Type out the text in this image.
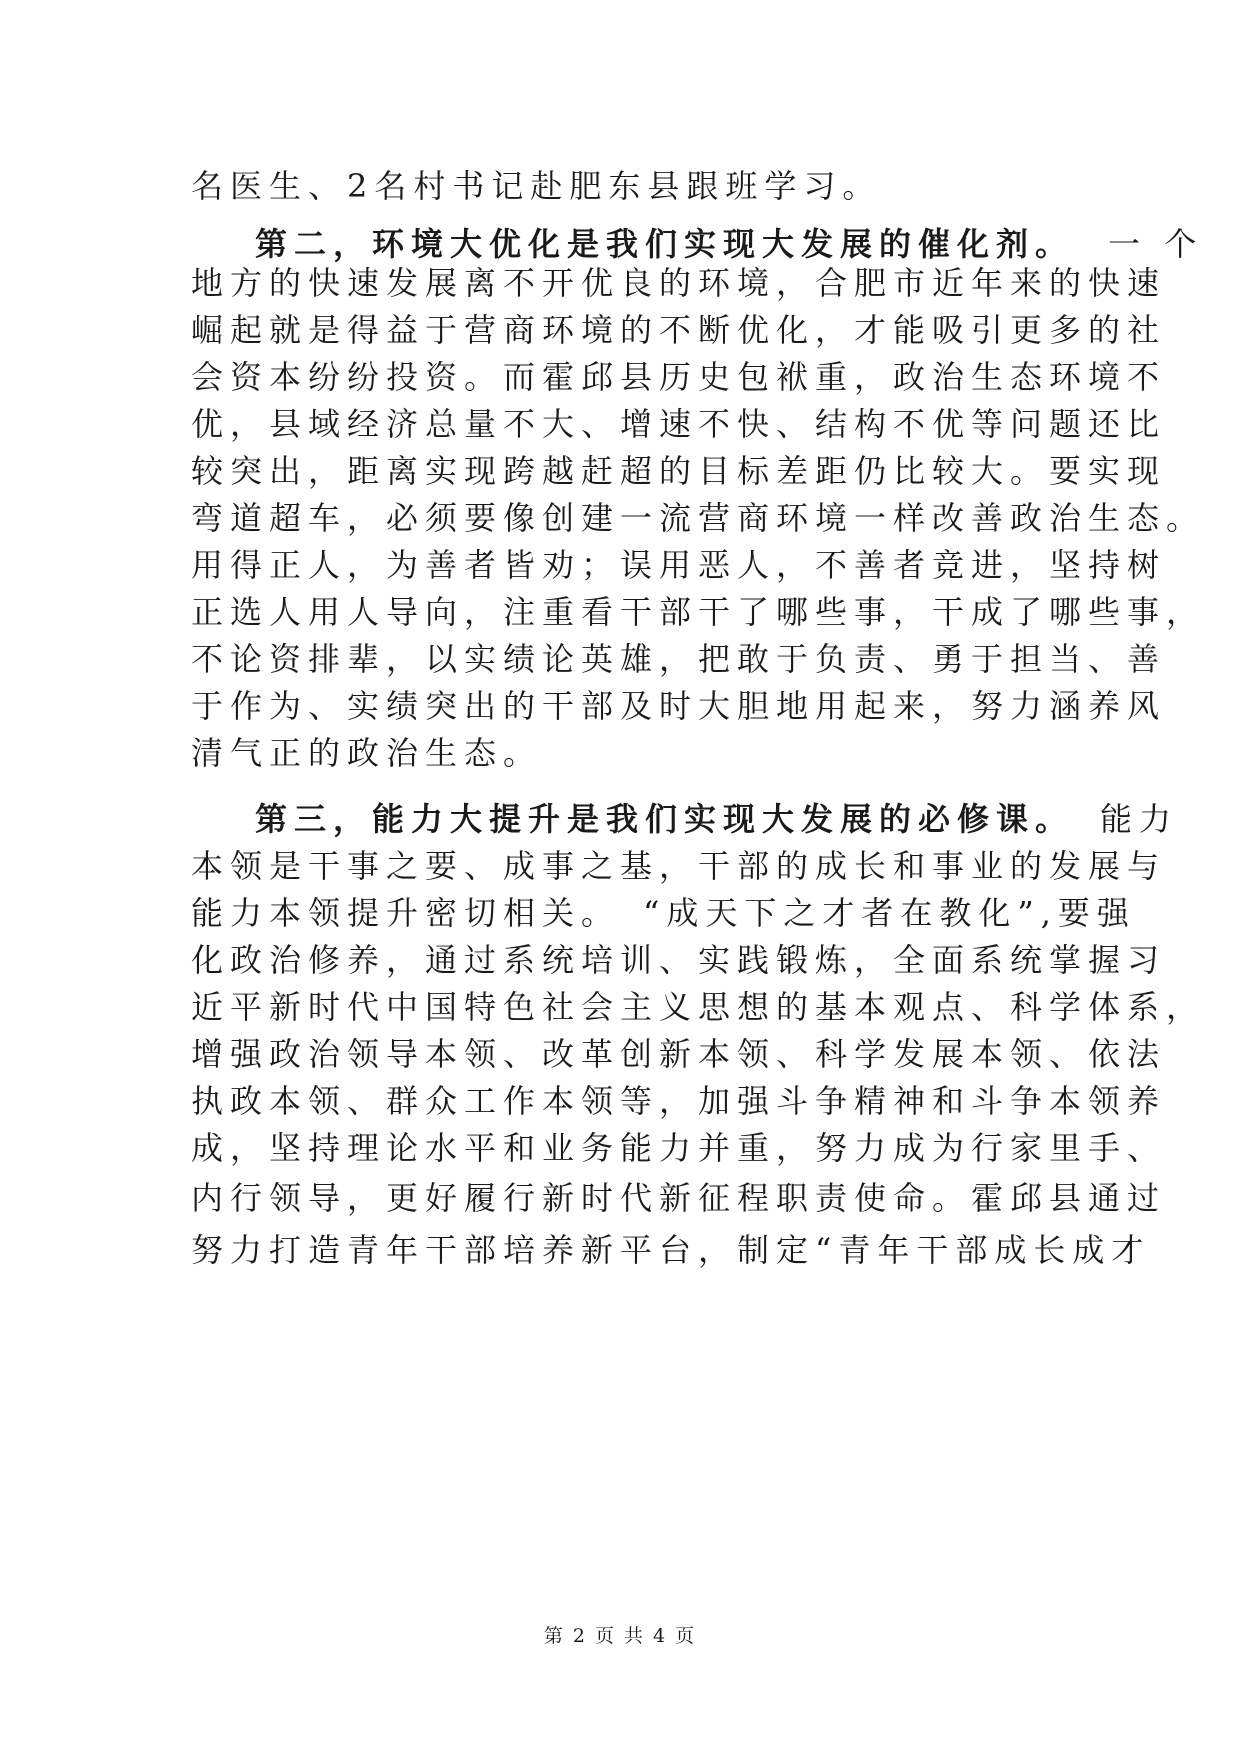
名医生、2名村书记赴肥东县跟班学习。
第二，环境大优化是我们实现大发展的催化剂。　 一 个
地方的快速发展离不开优良的环境，合肥市近年来的快速
崛起就是得益于营商环境的不断优化，才能吸引更多的社
会资本纷纷投资。而霍邱县历史包袱重，政治生态环境不
优，县域经济总量不大、增速不快、结构不优等问题还比
较突出，距离实现跨越赶超的目标差距仍比较大。要实现
弯道超车，必须要像创建一流营商环境一样改善政治生态。
用得正人，为善者皆劝；误用恶人，不善者竞进，坚持树
正选人用人导向，注重看干部干了哪些事，干成了哪些事，
不论资排辈，以实绩论英雄，把敢于负责、勇于担当、善
于作为、实绩突出的干部及时大胆地用起来，努力涵养风
清气正的政治生态。
第三，能力大提升是我们实现大发展的必修课。　 能力
本领是干事之要、成事之基，干部的成长和事业的发展与
能力本领提升密切相关。　“成天下之才者在教化”,要强
化政治修养，通过系统培训、实践锻炼，全面系统掌握习
近平新时代中国特色社会主义思想的基本观点、科学体系，
增强政治领导本领、改革创新本领、科学发展本领、依法
执政本领、群众工作本领等，加强斗争精神和斗争本领养
成，坚持理论水平和业务能力并重，努力成为行家里手、
内行领导，更好履行新时代新征程职责使命。霍邱县通过
努力打造青年干部培养新平台，制定“青年干部成长成才
第 2 页 共 4 页
